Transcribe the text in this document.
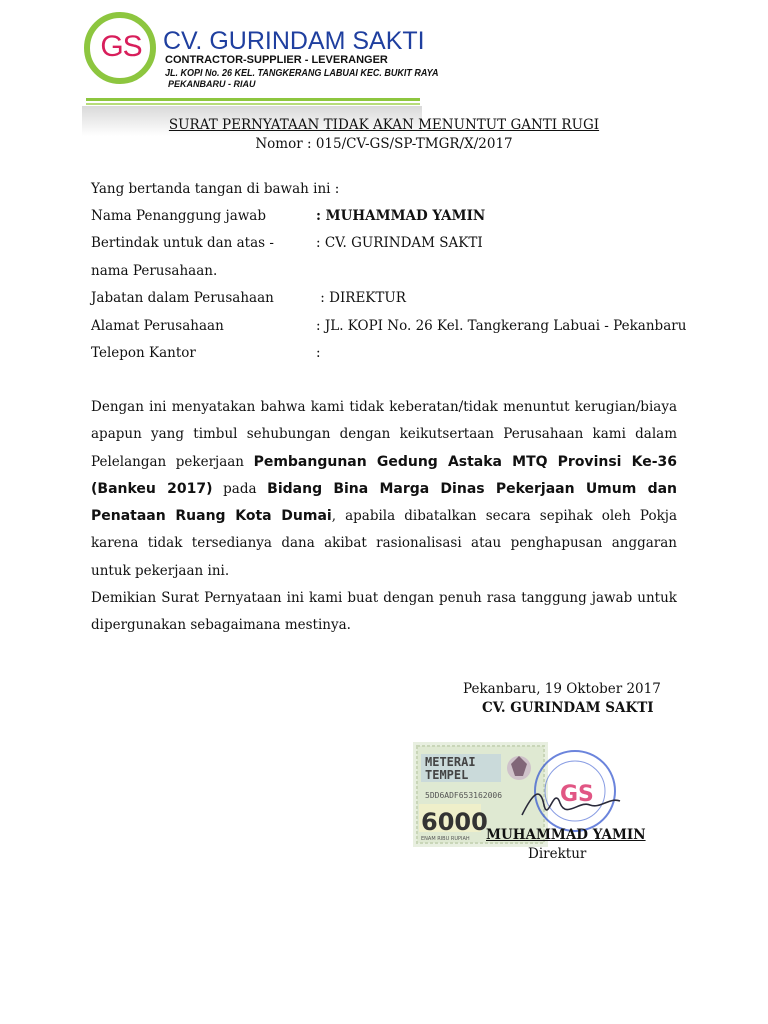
GS CV. GURINDAM SAKTI
CONTRACTOR-SUPPLIER - LEVERANGER
JL. KOPI No. 26 KEL. TANGKERANG LABUAI KEC. BUKIT RAYA
PEKANBARU - RIAU
SURAT PERNYATAAN TIDAK AKAN MENUNTUT GANTI RUGI
Nomor : 015/CV-GS/SP-TMGR/X/2017
Yang bertanda tangan di bawah ini :
Nama Penanggung jawab	: MUHAMMAD YAMIN
Bertindak untuk dan atas -	: CV. GURINDAM SAKTI
nama Perusahaan.
Jabatan dalam Perusahaan	: DIREKTUR
Alamat Perusahaan	: JL. KOPI No. 26 Kel. Tangkerang Labuai - Pekanbaru
Telepon Kantor	:
Dengan ini menyatakan bahwa kami tidak keberatan/tidak menuntut kerugian/biaya apapun yang timbul sehubungan dengan keikutsertaan Perusahaan kami dalam Pelelangan pekerjaan Pembangunan Gedung Astaka MTQ Provinsi Ke-36 (Bankeu 2017) pada Bidang Bina Marga Dinas Pekerjaan Umum dan Penataan Ruang Kota Dumai, apabila dibatalkan secara sepihak oleh Pokja karena tidak tersedianya dana akibat rasionalisasi atau penghapusan anggaran untuk pekerjaan ini.
Demikian Surat Pernyataan ini kami buat dengan penuh rasa tanggung jawab untuk dipergunakan sebagaimana mestinya.
Pekanbaru, 19 Oktober 2017
CV. GURINDAM SAKTI
METERAI
TEMPEL
5DD6ADF653162006
6000
ENAM RIBU RUPIAH
GS
MUHAMMAD YAMIN
Direktur
